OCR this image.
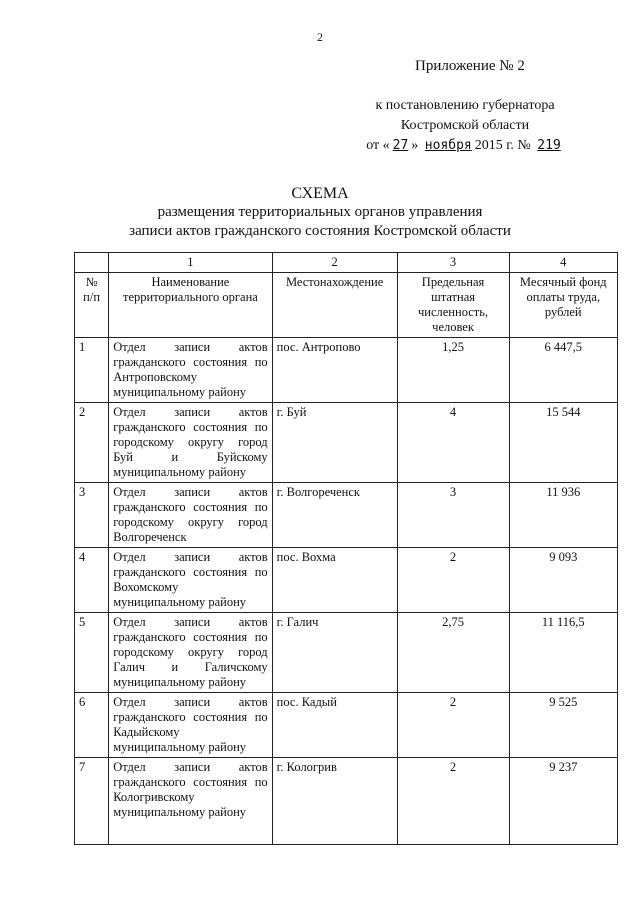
2
Приложение № 2
к постановлению губернатора
Костромской области
от « 27 » ноября 2015 г. № 219
СХЕМА
размещения территориальных органов управления
записи актов гражданского состояния Костромской области
	1	2	3	4
№ п/п	Наименование территориального органа	Местонахождение	Предельная штатная численность, человек	Месячный фонд оплаты труда, рублей
1	Отдел записи актов гражданского состояния по Антроповскому муниципальному району	пос. Антропово	1,25	6 447,5
2	Отдел записи актов гражданского состояния по городскому округу город Буй и Буйскому муниципальному району	г. Буй	4	15 544
3	Отдел записи актов гражданского состояния по городскому округу город Волгореченск	г. Волгореченск	3	11 936
4	Отдел записи актов гражданского состояния по Вохомскому муниципальному району	пос. Вохма	2	9 093
5	Отдел записи актов гражданского состояния по городскому округу город Галич и Галичскому муниципальному району	г. Галич	2,75	11 116,5
6	Отдел записи актов гражданского состояния по Кадыйскому муниципальному району	пос. Кадый	2	9 525
7	Отдел записи актов гражданского состояния по Кологривскому муниципальному району	г. Кологрив	2	9 237
